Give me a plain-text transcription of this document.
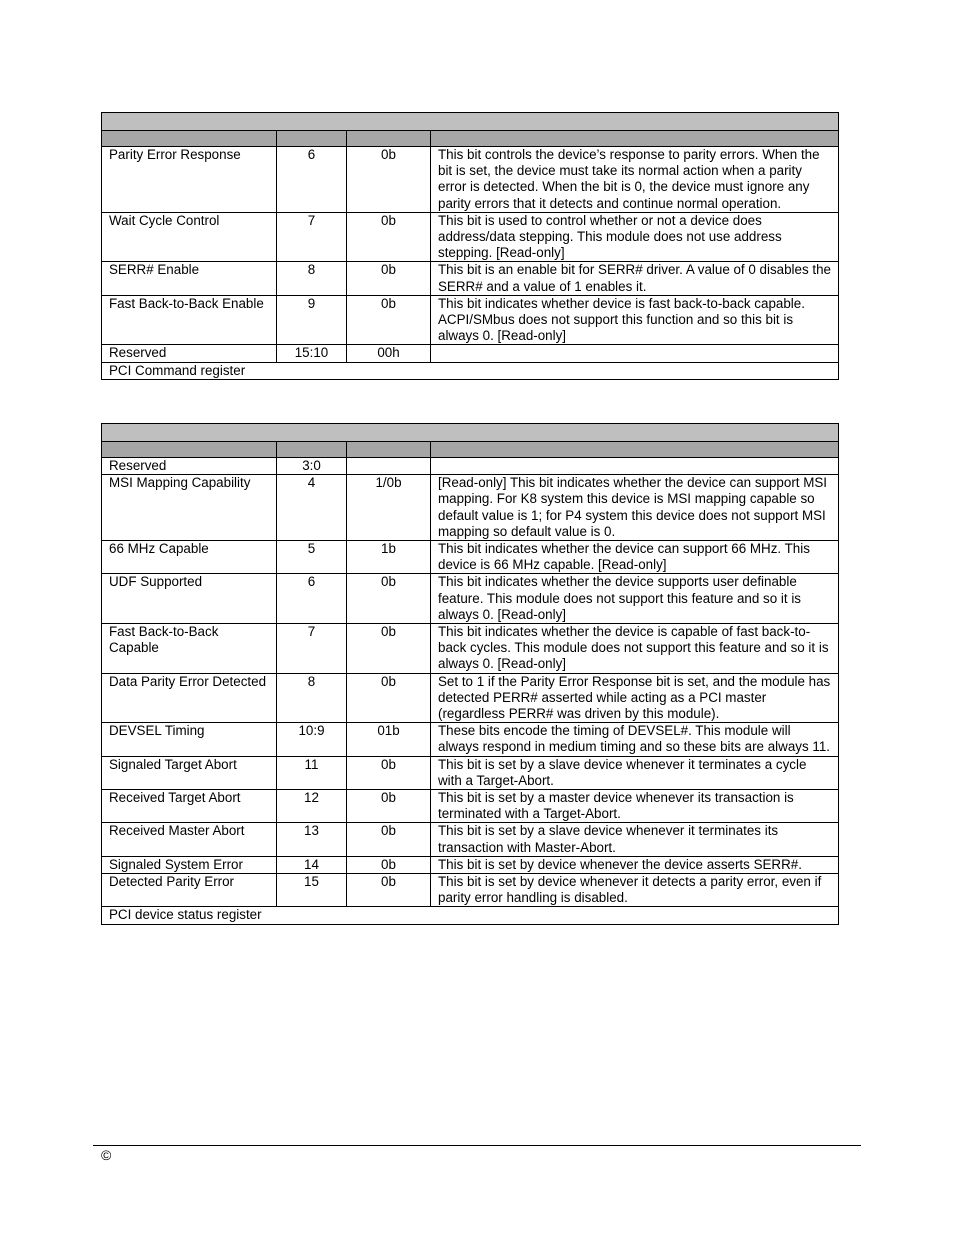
Parity Error Response	6	0b	This bit controls the device’s response to parity errors. When the bit is set, the device must take its normal action when a parity error is detected. When the bit is 0, the device must ignore any parity errors that it detects and continue normal operation.
Wait Cycle Control	7	0b	This bit is used to control whether or not a device does address/data stepping. This module does not use address stepping. [Read-only]
SERR# Enable	8	0b	This bit is an enable bit for SERR# driver. A value of 0 disables the SERR# and a value of 1 enables it.
Fast Back-to-Back Enable	9	0b	This bit indicates whether device is fast back-to-back capable. ACPI/SMbus does not support this function and so this bit is always 0. [Read-only]
Reserved	15:10	00h	
PCI Command register			

Reserved	3:0		
MSI Mapping Capability	4	1/0b	[Read-only] This bit indicates whether the device can support MSI mapping. For K8 system this device is MSI mapping capable so default value is 1; for P4 system this device does not support MSI mapping so default value is 0.
66 MHz Capable	5	1b	This bit indicates whether the device can support 66 MHz. This device is 66 MHz capable. [Read-only]
UDF Supported	6	0b	This bit indicates whether the device supports user definable feature. This module does not support this feature and so it is always 0. [Read-only]
Fast Back-to-Back Capable	7	0b	This bit indicates whether the device is capable of fast back-to-back cycles. This module does not support this feature and so it is always 0. [Read-only]
Data Parity Error Detected	8	0b	Set to 1 if the Parity Error Response bit is set, and the module has detected PERR# asserted while acting as a PCI master (regardless PERR# was driven by this module).
DEVSEL Timing	10:9	01b	These bits encode the timing of DEVSEL#. This module will always respond in medium timing and so these bits are always 11.
Signaled Target Abort	11	0b	This bit is set by a slave device whenever it terminates a cycle with a Target-Abort.
Received Target Abort	12	0b	This bit is set by a master device whenever its transaction is terminated with a Target-Abort.
Received Master Abort	13	0b	This bit is set by a slave device whenever it terminates its transaction with Master-Abort.
Signaled System Error	14	0b	This bit is set by device whenever the device asserts SERR#.
Detected Parity Error	15	0b	This bit is set by device whenever it detects a parity error, even if parity error handling is disabled.
PCI device status register			
©
